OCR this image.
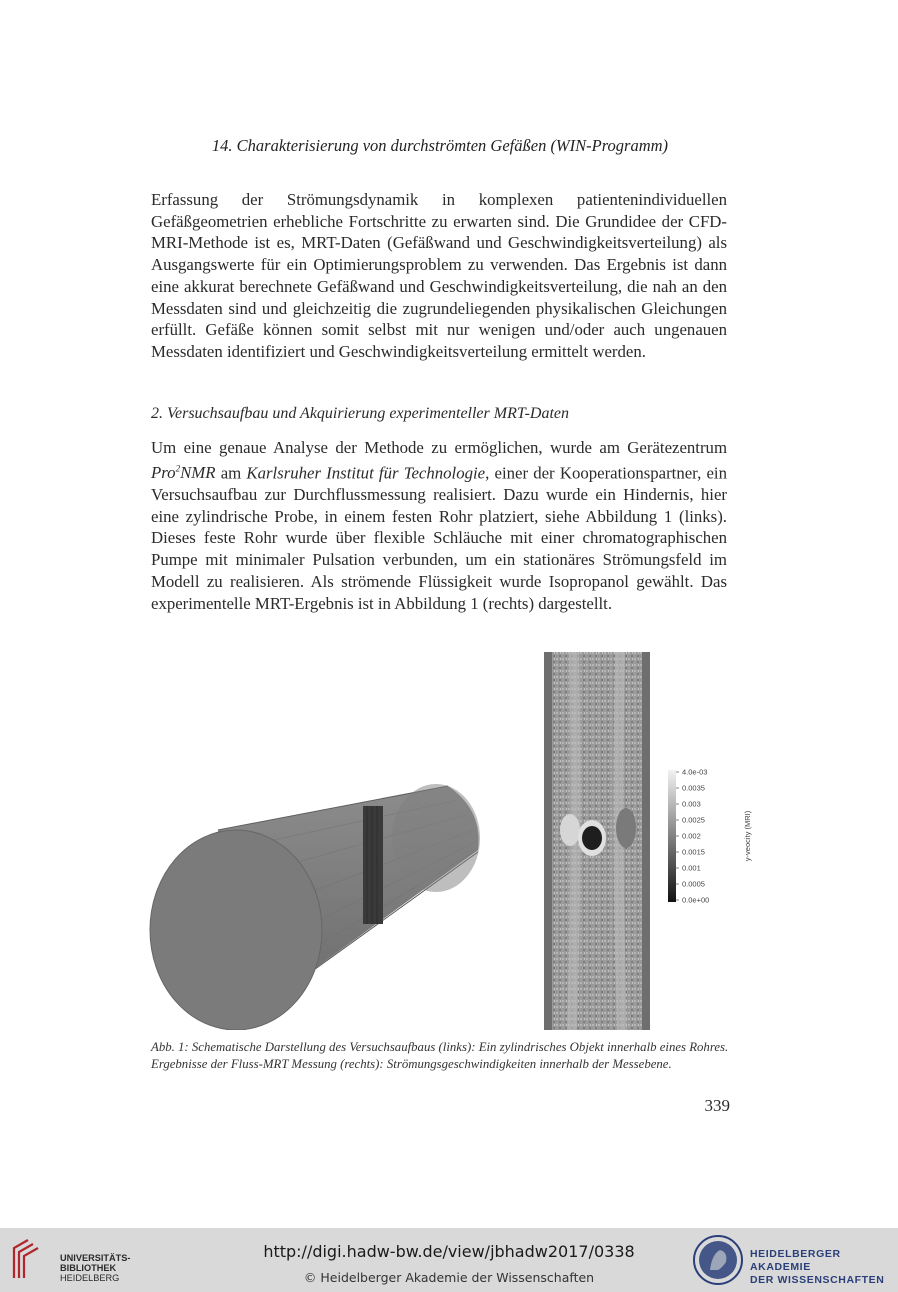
14. Charakterisierung von durchströmten Gefäßen (WIN-Programm)

Erfassung der Strömungsdynamik in komplexen patientenindividuellen Gefäßgeometrien erhebliche Fortschritte zu erwarten sind. Die Grundidee der CFD-MRI-Methode ist es, MRT-Daten (Gefäßwand und Geschwindigkeitsverteilung) als Ausgangswerte für ein Optimierungsproblem zu verwenden. Das Ergebnis ist dann eine akkurat berechnete Gefäßwand und Geschwindigkeitsverteilung, die nah an den Messdaten sind und gleichzeitig die zugrundeliegenden physikalischen Gleichungen erfüllt. Gefäße können somit selbst mit nur wenigen und/oder auch ungenauen Messdaten identifiziert und Geschwindigkeitsverteilung ermittelt werden.

2. Versuchsaufbau und Akquirierung experimenteller MRT-Daten

Um eine genaue Analyse der Methode zu ermöglichen, wurde am Gerätezentrum Pro$^2$NMR am Karlsruher Institut für Technologie, einer der Kooperationspartner, ein Versuchsaufbau zur Durchflussmessung realisiert. Dazu wurde ein Hindernis, hier eine zylindrische Probe, in einem festen Rohr platziert, siehe Abbildung 1 (links). Dieses feste Rohr wurde über flexible Schläuche mit einer chromatographischen Pumpe mit minimaler Pulsation verbunden, um ein stationäres Strömungsfeld im Modell zu realisieren. Als strömende Flüssigkeit wurde Isopropanol gewählt. Das experimentelle MRT-Ergebnis ist in Abbildung 1 (rechts) dargestellt.

4.0e-03
0.0035
0.003
0.0025
0.002
0.0015
0.001
0.0005
0.0e+00
y-veocity (MRI)

Abb. 1: Schematische Darstellung des Versuchsaufbaus (links): Ein zylindrisches Objekt innerhalb eines Rohres. Ergebnisse der Fluss-MRT Messung (rechts): Strömungsgeschwindigkeiten innerhalb der Messebene.

339
UNIVERSITÄTS-
BIBLIOTHEK
HEIDELBERG
http://digi.hadw-bw.de/view/jbhadw2017/0338
© Heidelberger Akademie der Wissenschaften
HEIDELBERGER AKADEMIE
DER WISSENSCHAFTEN
